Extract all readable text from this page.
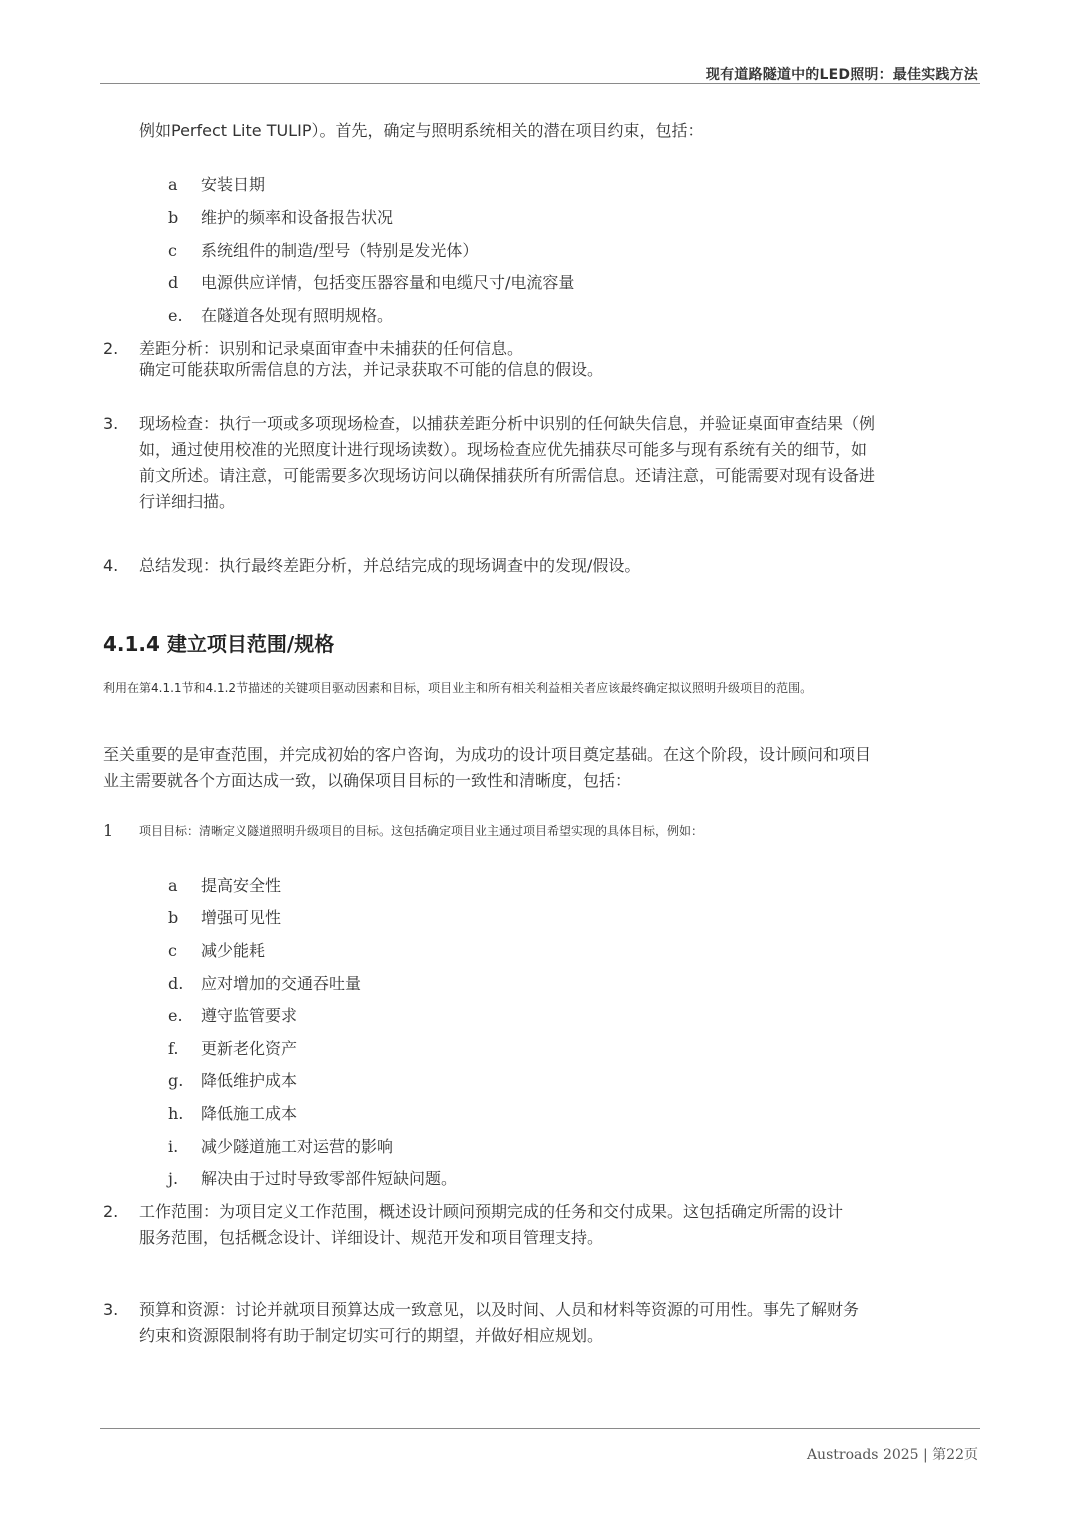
现有道路隧道中的LED照明：最佳实践方法
例如Perfect Lite TULIP）。首先，确定与照明系统相关的潜在项目约束，包括：
a 安装日期
b 维护的频率和设备报告状况
c 系统组件的制造/型号（特别是发光体）
d 电源供应详情，包括变压器容量和电缆尺寸/电流容量
e. 在隧道各处现有照明规格。
2. 差距分析：识别和记录桌面审查中未捕获的任何信息。
确定可能获取所需信息的方法，并记录获取不可能的信息的假设。
3. 现场检查：执行一项或多项现场检查，以捕获差距分析中识别的任何缺失信息，并验证桌面审查结果（例
如，通过使用校准的光照度计进行现场读数）。现场检查应优先捕获尽可能多与现有系统有关的细节，如
前文所述。请注意，可能需要多次现场访问以确保捕获所有所需信息。还请注意，可能需要对现有设备进
行详细扫描。
4. 总结发现：执行最终差距分析，并总结完成的现场调查中的发现/假设。
4.1.4 建立项目范围/规格
利用在第4.1.1节和4.1.2节描述的关键项目驱动因素和目标，项目业主和所有相关利益相关者应该最终确定拟议照明升级项目的范围。
至关重要的是审查范围，并完成初始的客户咨询，为成功的设计项目奠定基础。在这个阶段，设计顾问和项目
业主需要就各个方面达成一致，以确保项目目标的一致性和清晰度，包括：
1 项目目标：清晰定义隧道照明升级项目的目标。这包括确定项目业主通过项目希望实现的具体目标，例如：
a 提高安全性
b 增强可见性
c 减少能耗
d. 应对增加的交通吞吐量
e. 遵守监管要求
f. 更新老化资产
g. 降低维护成本
h. 降低施工成本
i. 减少隧道施工对运营的影响
j. 解决由于过时导致零部件短缺问题。
2. 工作范围：为项目定义工作范围，概述设计顾问预期完成的任务和交付成果。这包括确定所需的设计
服务范围，包括概念设计、详细设计、规范开发和项目管理支持。
3. 预算和资源：讨论并就项目预算达成一致意见，以及时间、人员和材料等资源的可用性。事先了解财务
约束和资源限制将有助于制定切实可行的期望，并做好相应规划。
Austroads 2025 | 第22页
